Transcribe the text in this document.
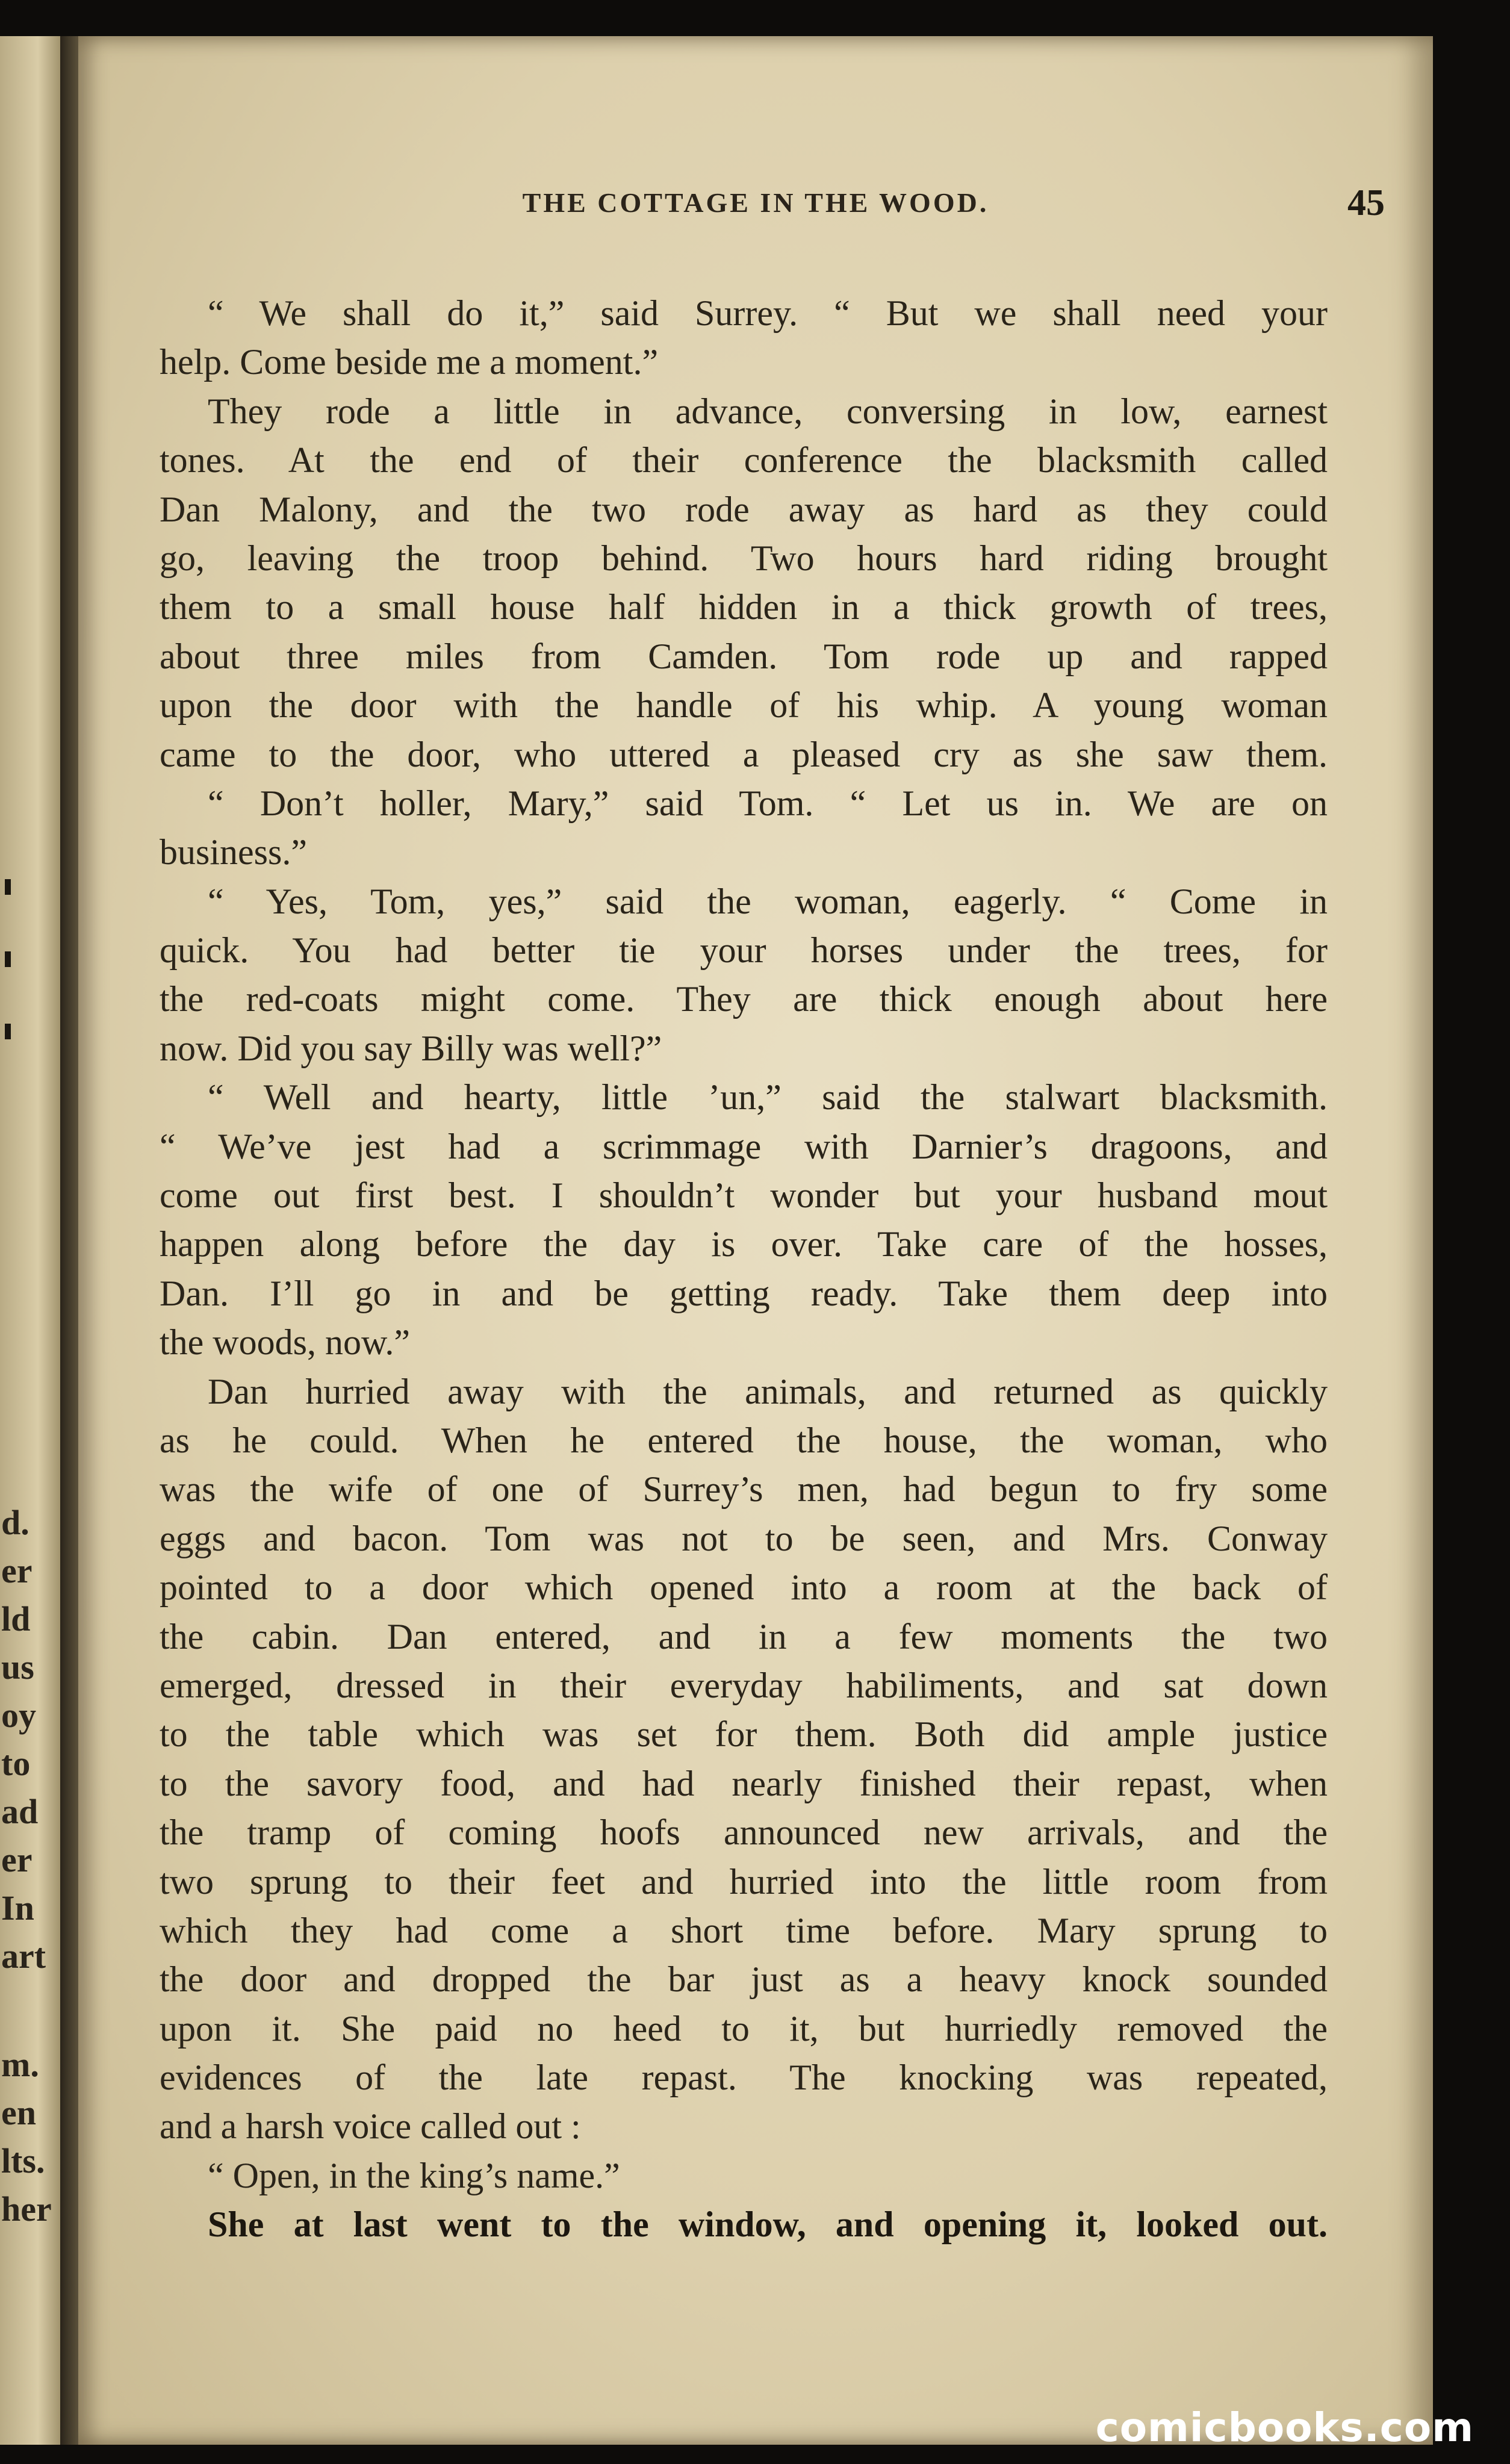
d.
er
ld
us
oy
to
ad
er
In
art
m.
en
lts.
her
THE COTTAGE IN THE WOOD.	45
“ We shall do it,” said Surrey. “ But we shall need your
help. Come beside me a moment.”
They rode a little in advance, conversing in low, earnest
tones. At the end of their conference the blacksmith called
Dan Malony, and the two rode away as hard as they could
go, leaving the troop behind. Two hours hard riding brought
them to a small house half hidden in a thick growth of trees,
about three miles from Camden. Tom rode up and rapped
upon the door with the handle of his whip. A young woman
came to the door, who uttered a pleased cry as she saw them.
“ Don’t holler, Mary,” said Tom. “ Let us in. We are on
business.”
“ Yes, Tom, yes,” said the woman, eagerly. “ Come in
quick. You had better tie your horses under the trees, for
the red-coats might come. They are thick enough about here
now. Did you say Billy was well?”
“ Well and hearty, little ’un,” said the stalwart blacksmith.
“ We’ve jest had a scrimmage with Darnier’s dragoons, and
come out first best. I shouldn’t wonder but your husband mout
happen along before the day is over. Take care of the hosses,
Dan. I’ll go in and be getting ready. Take them deep into
the woods, now.”
Dan hurried away with the animals, and returned as quickly
as he could. When he entered the house, the woman, who
was the wife of one of Surrey’s men, had begun to fry some
eggs and bacon. Tom was not to be seen, and Mrs. Conway
pointed to a door which opened into a room at the back of
the cabin. Dan entered, and in a few moments the two
emerged, dressed in their everyday habiliments, and sat down
to the table which was set for them. Both did ample justice
to the savory food, and had nearly finished their repast, when
the tramp of coming hoofs announced new arrivals, and the
two sprung to their feet and hurried into the little room from
which they had come a short time before. Mary sprung to
the door and dropped the bar just as a heavy knock sounded
upon it. She paid no heed to it, but hurriedly removed the
evidences of the late repast. The knocking was repeated,
and a harsh voice called out :
“ Open, in the king’s name.”
She at last went to the window, and opening it, looked out.
comicbooks.com
